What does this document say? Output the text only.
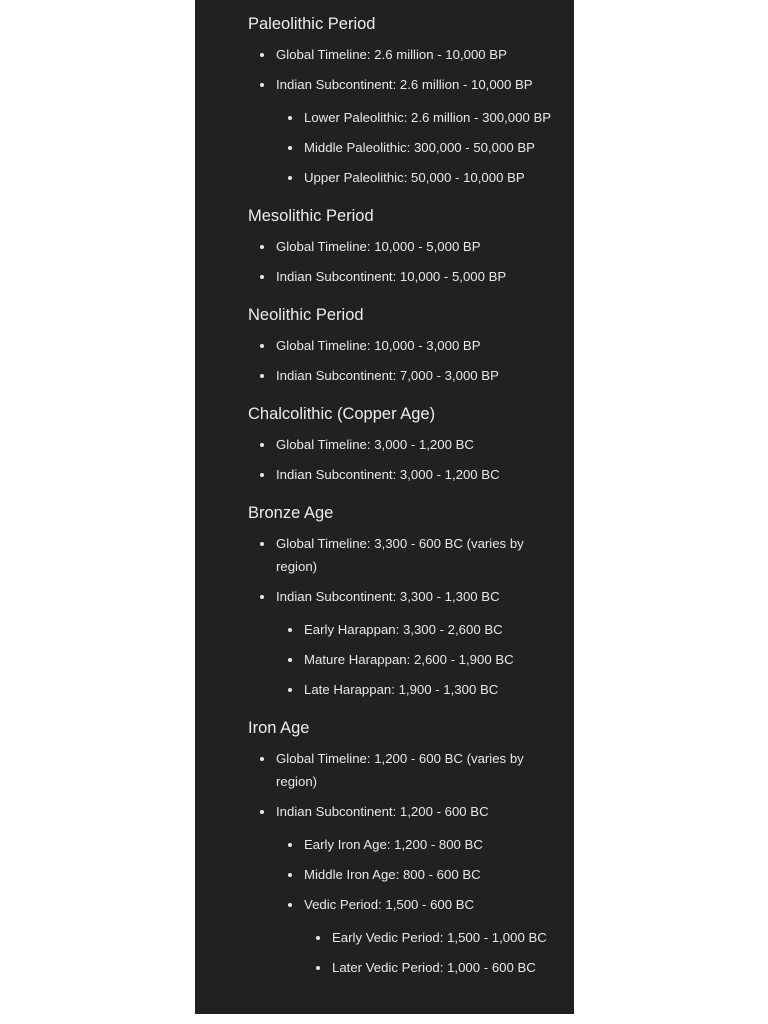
Paleolithic Period
Global Timeline: 2.6 million - 10,000 BP
Indian Subcontinent: 2.6 million - 10,000 BP
Lower Paleolithic: 2.6 million - 300,000 BP
Middle Paleolithic: 300,000 - 50,000 BP
Upper Paleolithic: 50,000 - 10,000 BP
Mesolithic Period
Global Timeline: 10,000 - 5,000 BP
Indian Subcontinent: 10,000 - 5,000 BP
Neolithic Period
Global Timeline: 10,000 - 3,000 BP
Indian Subcontinent: 7,000 - 3,000 BP
Chalcolithic (Copper Age)
Global Timeline: 3,000 - 1,200 BC
Indian Subcontinent: 3,000 - 1,200 BC
Bronze Age
Global Timeline: 3,300 - 600 BC (varies by region)
Indian Subcontinent: 3,300 - 1,300 BC
Early Harappan: 3,300 - 2,600 BC
Mature Harappan: 2,600 - 1,900 BC
Late Harappan: 1,900 - 1,300 BC
Iron Age
Global Timeline: 1,200 - 600 BC (varies by region)
Indian Subcontinent: 1,200 - 600 BC
Early Iron Age: 1,200 - 800 BC
Middle Iron Age: 800 - 600 BC
Vedic Period: 1,500 - 600 BC
Early Vedic Period: 1,500 - 1,000 BC
Later Vedic Period: 1,000 - 600 BC
